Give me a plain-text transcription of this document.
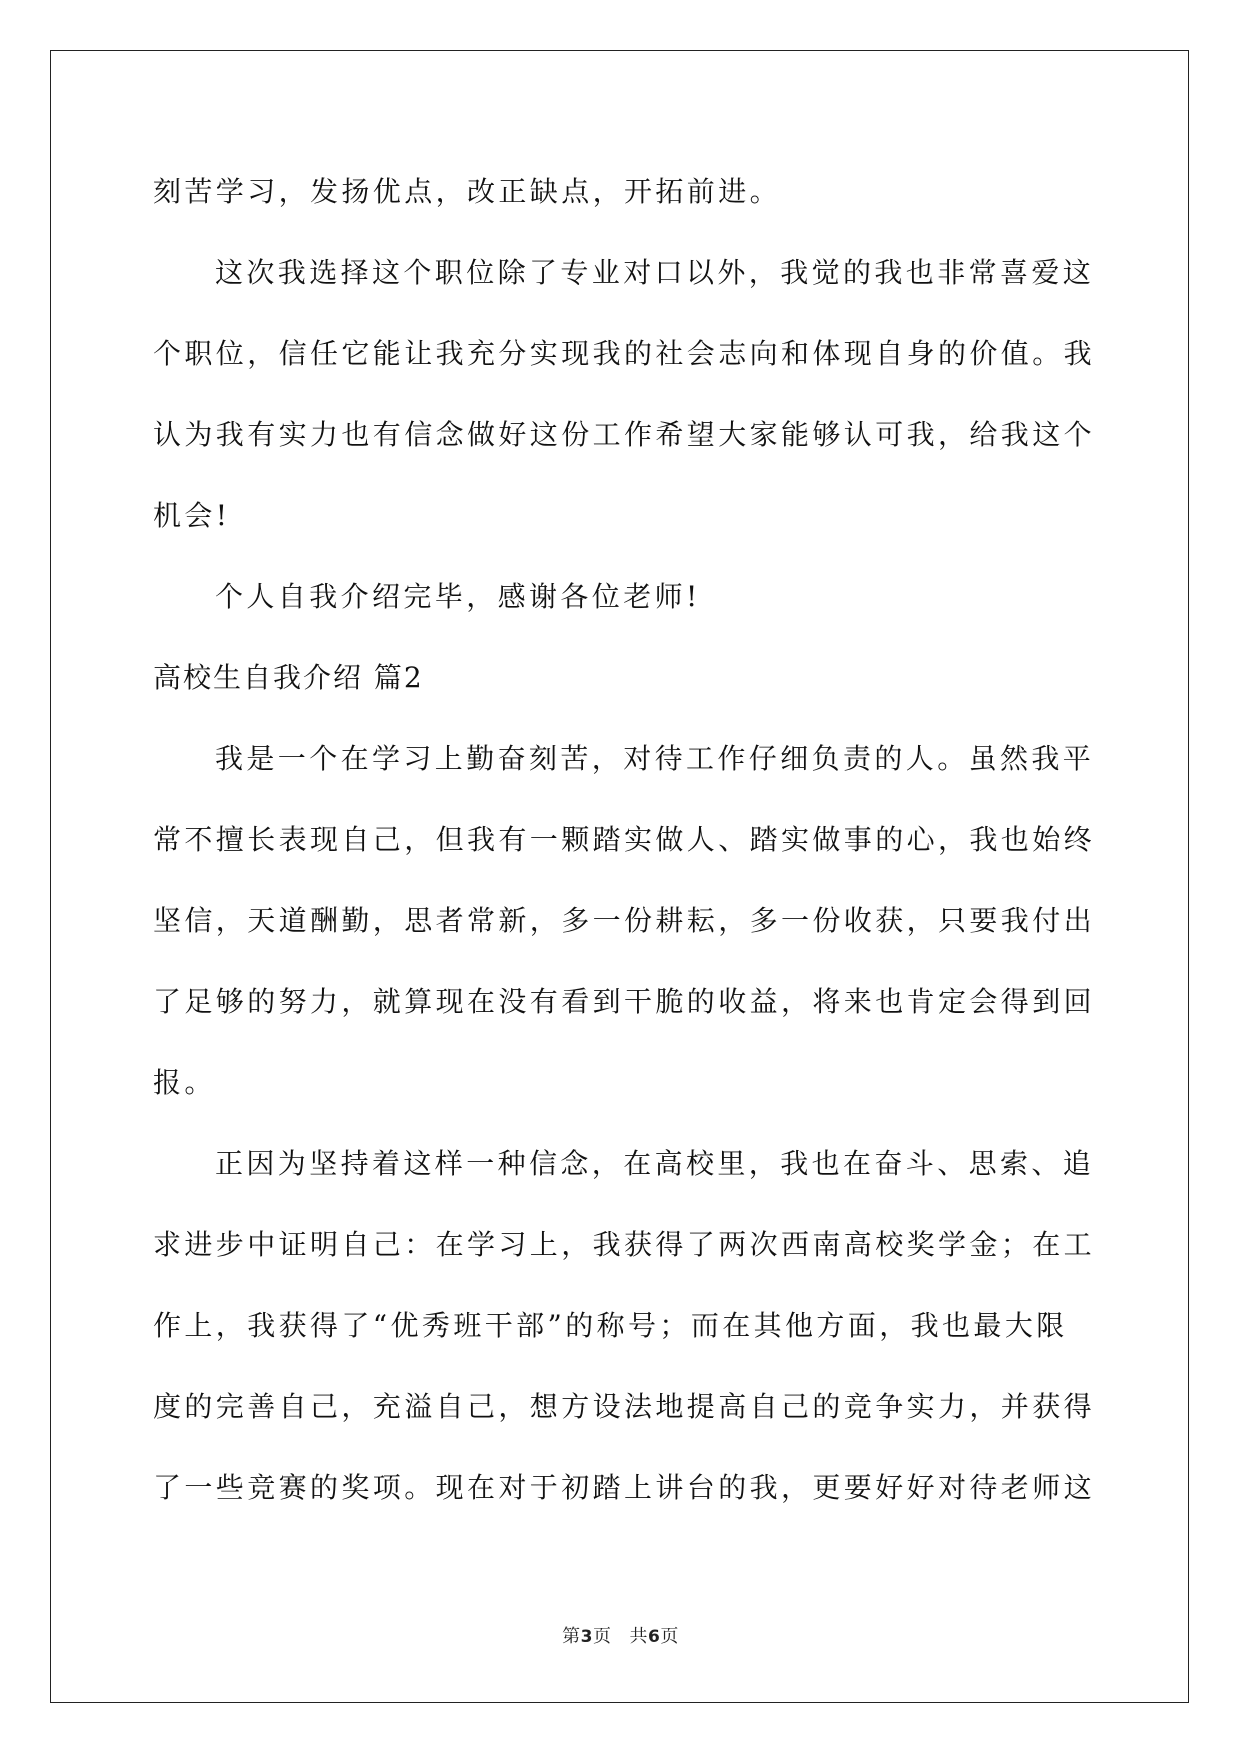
刻苦学习，发扬优点，改正缺点，开拓前进。
这次我选择这个职位除了专业对口以外，我觉的我也非常喜爱这
个职位，信任它能让我充分实现我的社会志向和体现自身的价值。我
认为我有实力也有信念做好这份工作希望大家能够认可我，给我这个
机会!
个人自我介绍完毕，感谢各位老师!
高校生自我介绍 篇2
我是一个在学习上勤奋刻苦，对待工作仔细负责的人。虽然我平
常不擅长表现自己，但我有一颗踏实做人、踏实做事的心，我也始终
坚信，天道酬勤，思者常新，多一份耕耘，多一份收获，只要我付出
了足够的努力，就算现在没有看到干脆的收益，将来也肯定会得到回
报。
正因为坚持着这样一种信念，在高校里，我也在奋斗、思索、追
求进步中证明自己：在学习上，我获得了两次西南高校奖学金；在工
作上，我获得了“优秀班干部”的称号；而在其他方面，我也最大限
度的完善自己，充溢自己，想方设法地提高自己的竞争实力，并获得
了一些竞赛的奖项。现在对于初踏上讲台的我，更要好好对待老师这
第3页 共6页
